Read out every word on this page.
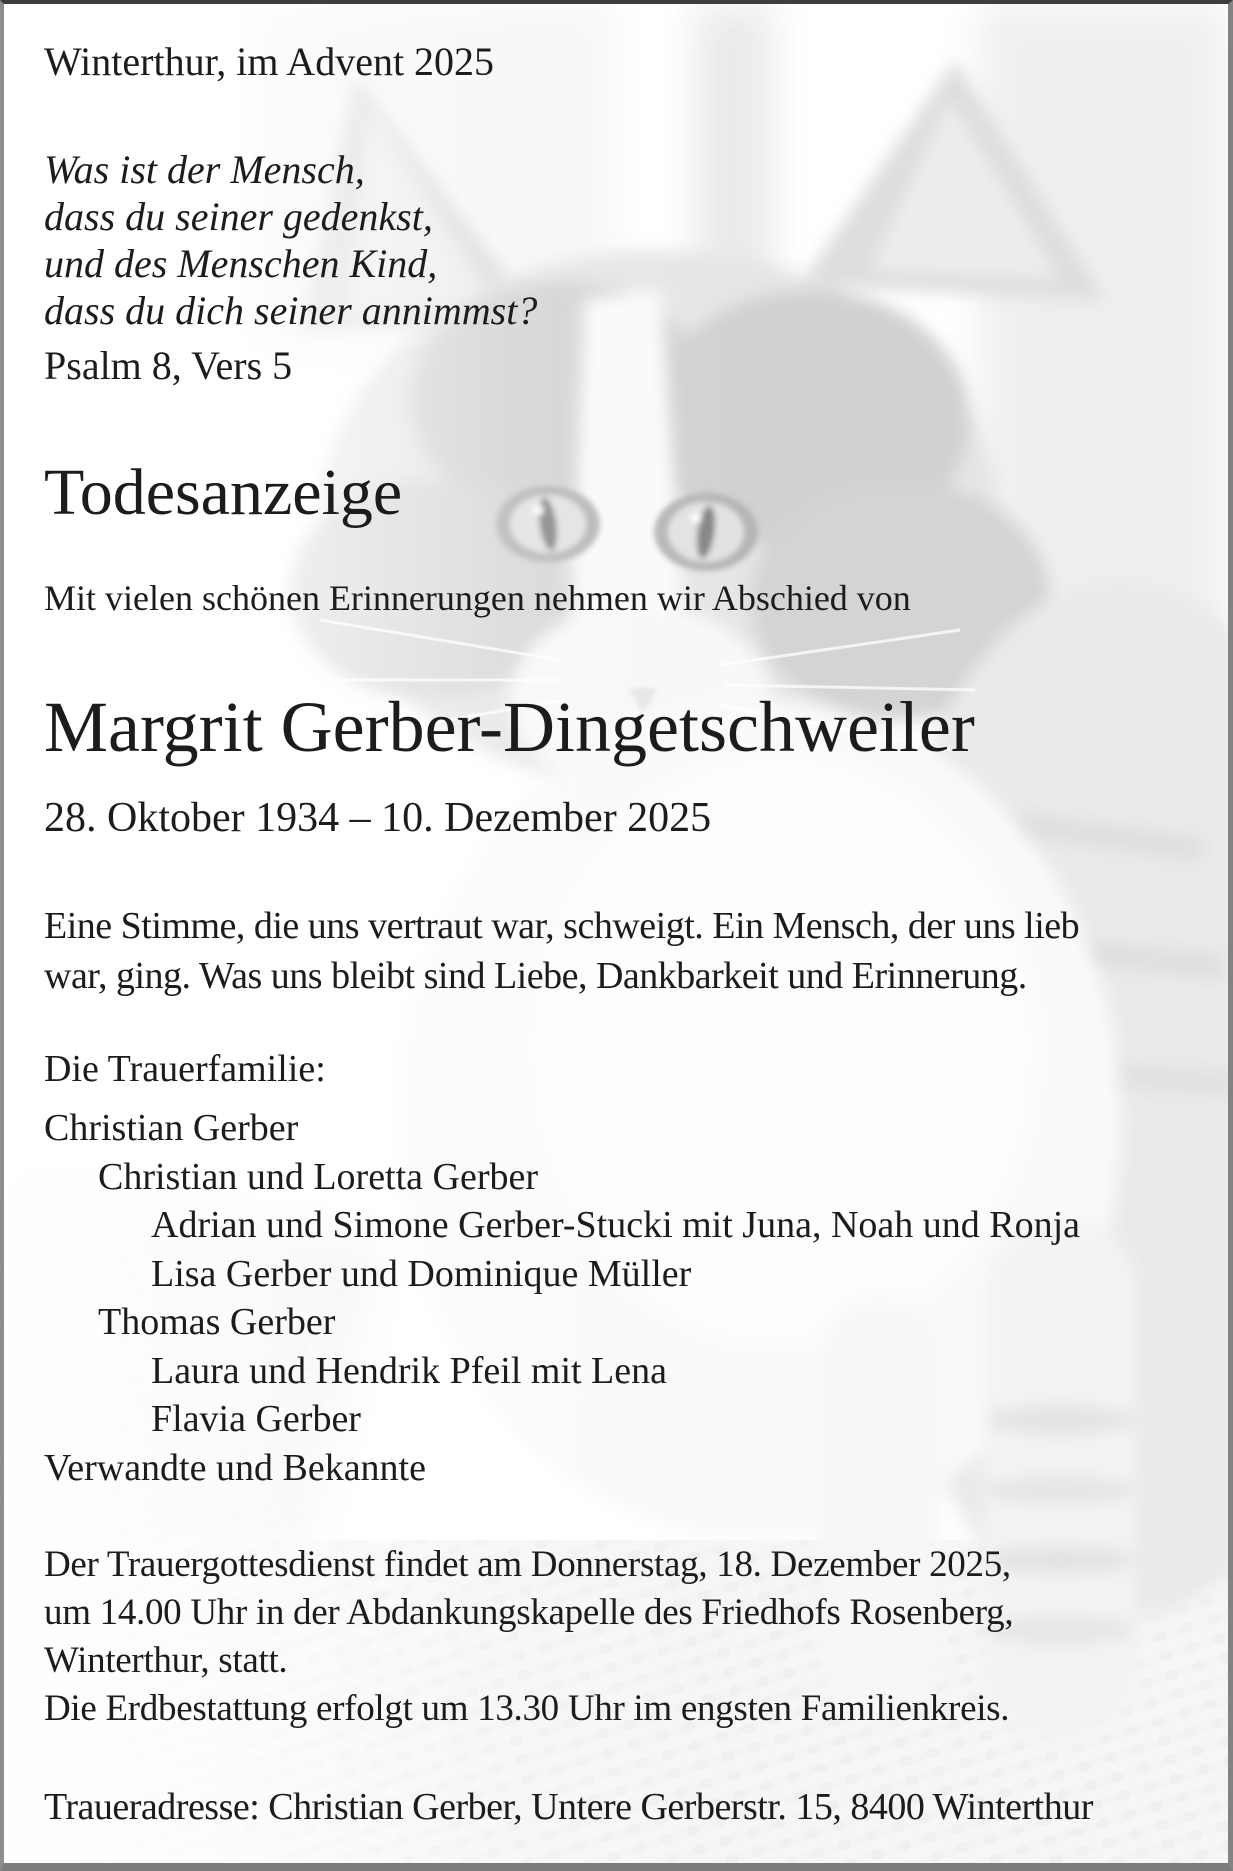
Winterthur, im Advent 2025
Was ist der Mensch,
dass du seiner gedenkst,
und des Menschen Kind,
dass du dich seiner annimmst?
Psalm 8, Vers 5
Todesanzeige
Mit vielen schönen Erinnerungen nehmen wir Abschied von
Margrit Gerber-Dingetschweiler
28. Oktober 1934 – 10. Dezember 2025
Eine Stimme, die uns vertraut war, schweigt. Ein Mensch, der uns lieb
war, ging. Was uns bleibt sind Liebe, Dankbarkeit und Erinnerung.
Die Trauerfamilie:
Christian Gerber
Christian und Loretta Gerber
Adrian und Simone Gerber-Stucki mit Juna, Noah und Ronja
Lisa Gerber und Dominique Müller
Thomas Gerber
Laura und Hendrik Pfeil mit Lena
Flavia Gerber
Verwandte und Bekannte
Der Trauergottesdienst findet am Donnerstag, 18. Dezember 2025,
um 14.00 Uhr in der Abdankungskapelle des Friedhofs Rosenberg,
Winterthur, statt.
Die Erdbestattung erfolgt um 13.30 Uhr im engsten Familienkreis.
Traueradresse: Christian Gerber, Untere Gerberstr. 15, 8400 Winterthur
